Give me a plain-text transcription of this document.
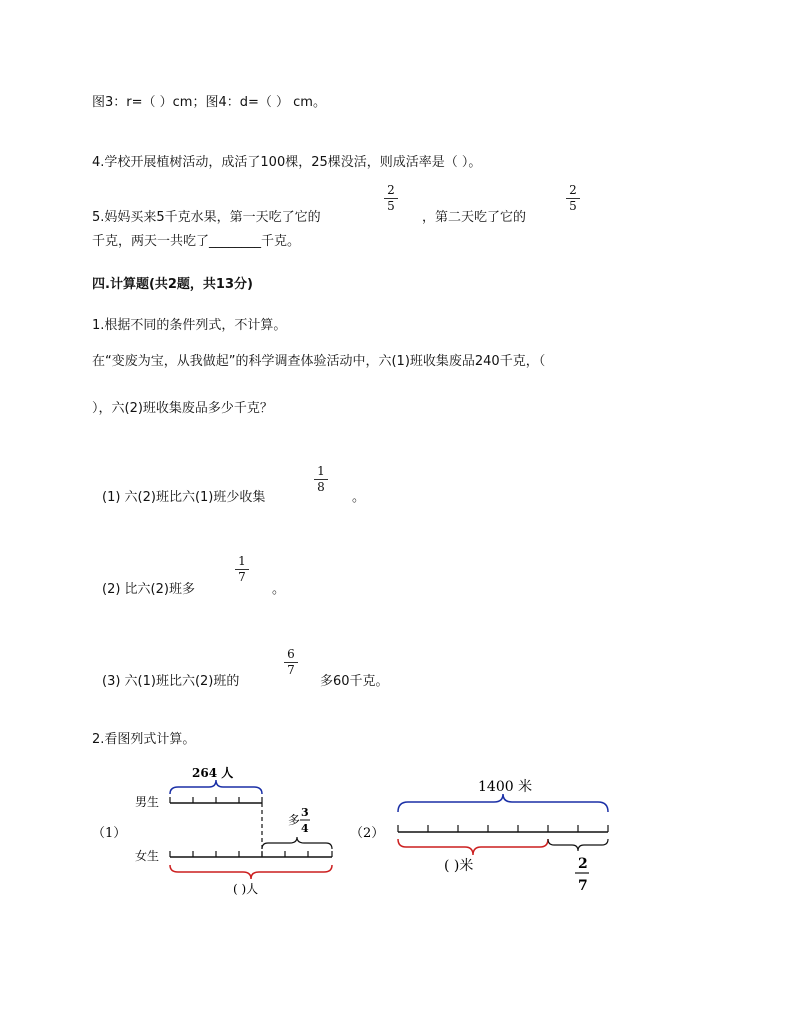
图3：r=（ ）cm；图4：d=（ ） cm。
4.学校开展植树活动，成活了100棵，25棵没活，则成活率是（ ）。
5.妈妈买来5千克水果，第一天吃了它的
2
5
，第二天吃了它的
2
5
千克，两天一共吃了________千克。
四.计算题(共2题，共13分)
1.根据不同的条件列式，不计算。
在“变废为宝，从我做起”的科学调查体验活动中，六(1)班收集废品240千克，（
），六(2)班收集废品多少千克？
(1) 六(2)班比六(1)班少收集
1
8
。
(2) 比六(2)班多
1
7
。
(3) 六(1)班比六(2)班的
6
7
多60千克。
2.看图列式计算。
（1）
264 人
男生
女生
多
3
4
( )人
（2）
1400 米
( )米	2
7
